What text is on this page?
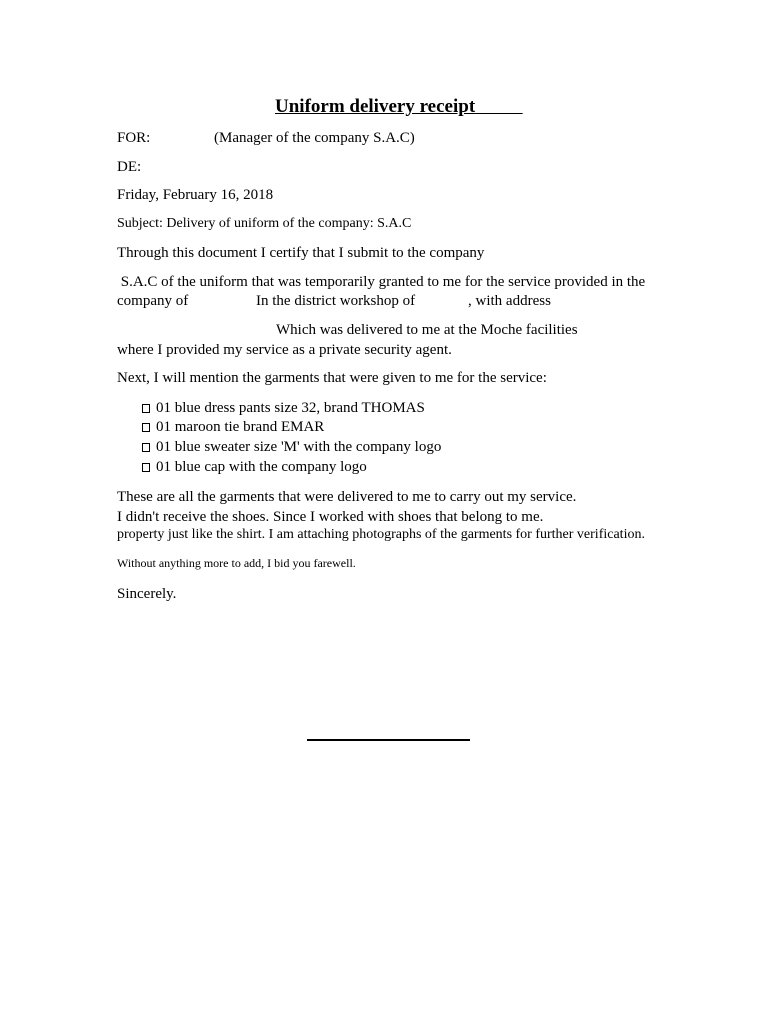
Uniform delivery receipt
FOR:	(Manager of the company S.A.C)
DE:
Friday, February 16, 2018
Subject: Delivery of uniform of the company: S.A.C
Through this document I certify that I submit to the company
S.A.C of the uniform that was temporarily granted to me for the service provided in the
company of	In the district workshop of	, with address
Which was delivered to me at the Moche facilities
where I provided my service as a private security agent.
Next, I will mention the garments that were given to me for the service:
01 blue dress pants size 32, brand THOMAS
01 maroon tie brand EMAR
01 blue sweater size 'M' with the company logo
01 blue cap with the company logo
These are all the garments that were delivered to me to carry out my service.
I didn't receive the shoes. Since I worked with shoes that belong to me.
property just like the shirt. I am attaching photographs of the garments for further verification.
Without anything more to add, I bid you farewell.
Sincerely.
